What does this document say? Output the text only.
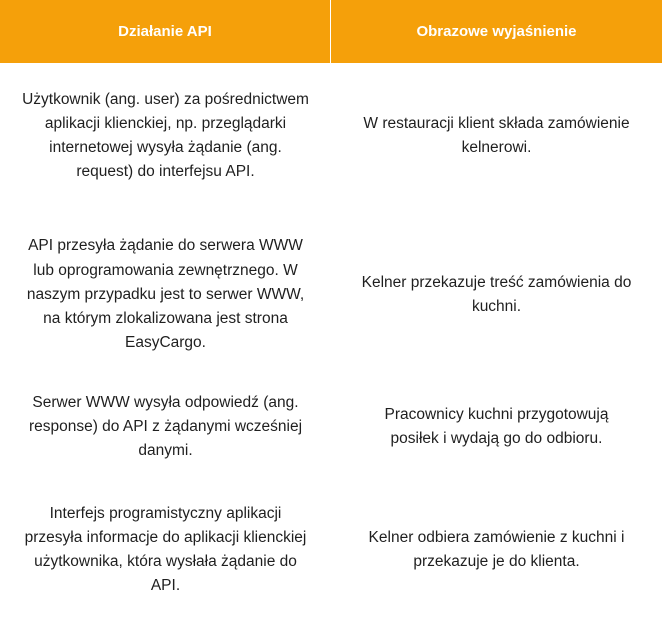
Działanie API	Obrazowe wyjaśnienie
Użytkownik (ang. user) za pośrednictwem aplikacji klienckiej, np. przeglądarki internetowej wysyła żądanie (ang. request) do interfejsu API.
W restauracji klient składa zamówienie kelnerowi.
API przesyła żądanie do serwera WWW lub oprogramowania zewnętrznego. W naszym przypadku jest to serwer WWW, na którym zlokalizowana jest strona EasyCargo.
Kelner przekazuje treść zamówienia do kuchni.
Serwer WWW wysyła odpowiedź (ang. response) do API z żądanymi wcześniej danymi.
Pracownicy kuchni przygotowują posiłek i wydają go do odbioru.
Interfejs programistyczny aplikacji przesyła informacje do aplikacji klienckiej użytkownika, która wysłała żądanie do API.
Kelner odbiera zamówienie z kuchni i przekazuje je do klienta.
